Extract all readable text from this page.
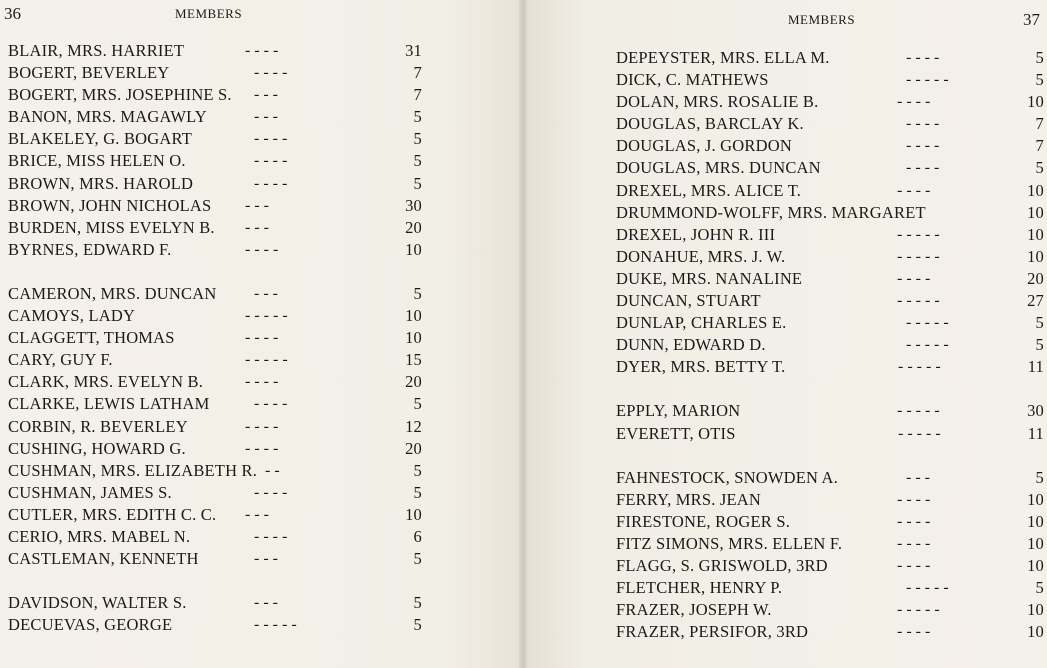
36	MEMBERS
BLAIR, MRS. HARRIET	- - - -	31
BOGERT, BEVERLEY	- - - -	7
BOGERT, MRS. JOSEPHINE S. - - -	7
BANON, MRS. MAGAWLY	- - -	5
BLAKELEY, G. BOGART	- - - -	5
BRICE, MISS HELEN O.	- - - -	5
BROWN, MRS. HAROLD	- - - -	5
BROWN, JOHN NICHOLAS - - -	30
BURDEN, MISS EVELYN B. - - -	20
BYRNES, EDWARD F.	- - - -	10
CAMERON, MRS. DUNCAN - - -	5
CAMOYS, LADY	- - - - -	10
CLAGGETT, THOMAS	- - - -	10
CARY, GUY F.	- - - - -	15
CLARK, MRS. EVELYN B.	- - - -	20
CLARKE, LEWIS LATHAM	- - - -	5
CORBIN, R. BEVERLEY	- - - -	12
CUSHING, HOWARD G.	- - - -	20
CUSHMAN, MRS. ELIZABETH R. - -	5
CUSHMAN, JAMES S.	- - - -	5
CUTLER, MRS. EDITH C. C. - - -	10
CERIO, MRS. MABEL N.	- - - -	6
CASTLEMAN, KENNETH	- - -	5
DAVIDSON, WALTER S.	- - -	5
DECUEVAS, GEORGE	- - - - -	5
37
MEMBERS
DEPEYSTER, MRS. ELLA M.	- - - -	5
DICK, C. MATHEWS	- - - - -	5
DOLAN, MRS. ROSALIE B.	- - - -	10
DOUGLAS, BARCLAY K.	- - - -	7
DOUGLAS, J. GORDON	- - - -	7
DOUGLAS, MRS. DUNCAN	- - - -	5
DREXEL, MRS. ALICE T.	- - - -	10
DRUMMOND-WOLFF, MRS. MARGARET	10
DREXEL, JOHN R. III	- - - - -	10
DONAHUE, MRS. J. W.	- - - - -	10
DUKE, MRS. NANALINE	- - - -	20
DUNCAN, STUART	- - - - -	27
DUNLAP, CHARLES E.	- - - - -	5
DUNN, EDWARD D.	- - - - -	5
DYER, MRS. BETTY T.	- - - - -	11
EPPLY, MARION	- - - - -	30
EVERETT, OTIS	- - - - -	11
FAHNESTOCK, SNOWDEN A.	- - -	5
FERRY, MRS. JEAN	- - - -	10
FIRESTONE, ROGER S.	- - - -	10
FITZ SIMONS, MRS. ELLEN F.	- - - -	10
FLAGG, S. GRISWOLD, 3RD	- - - -	10
FLETCHER, HENRY P.	- - - - -	5
FRAZER, JOSEPH W.	- - - - -	10
FRAZER, PERSIFOR, 3RD	- - - -	10
